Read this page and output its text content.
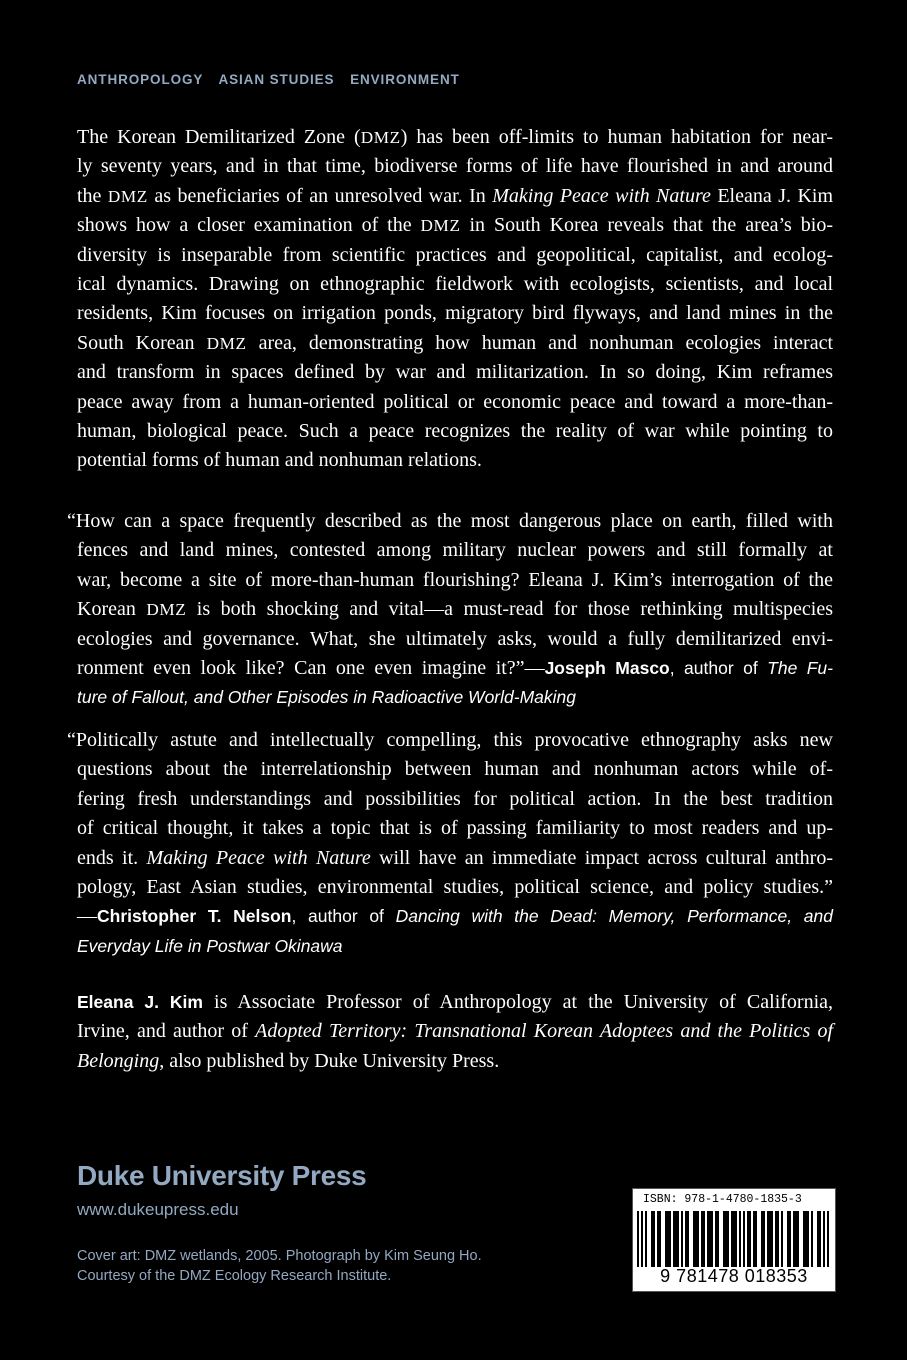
ANTHROPOLOGY ASIAN STUDIES ENVIRONMENT
The Korean Demilitarized Zone (DMZ) has been off-limits to human habitation for near-
ly seventy years, and in that time, biodiverse forms of life have flourished in and around
the DMZ as beneficiaries of an unresolved war. In Making Peace with Nature Eleana J. Kim
shows how a closer examination of the DMZ in South Korea reveals that the area’s bio-
diversity is inseparable from scientific practices and geopolitical, capitalist, and ecolog-
ical dynamics. Drawing on ethnographic fieldwork with ecologists, scientists, and local
residents, Kim focuses on irrigation ponds, migratory bird flyways, and land mines in the
South Korean DMZ area, demonstrating how human and nonhuman ecologies interact
and transform in spaces defined by war and militarization. In so doing, Kim reframes
peace away from a human-oriented political or economic peace and toward a more-than-
human, biological peace. Such a peace recognizes the reality of war while pointing to
potential forms of human and nonhuman relations.
“How can a space frequently described as the most dangerous place on earth, filled with
fences and land mines, contested among military nuclear powers and still formally at
war, become a site of more-than-human flourishing? Eleana J. Kim’s interrogation of the
Korean DMZ is both shocking and vital—a must-read for those rethinking multispecies
ecologies and governance. What, she ultimately asks, would a fully demilitarized envi-
ronment even look like? Can one even imagine it?”—Joseph Masco, author of The Fu-
ture of Fallout, and Other Episodes in Radioactive World-Making
“Politically astute and intellectually compelling, this provocative ethnography asks new
questions about the interrelationship between human and nonhuman actors while of-
fering fresh understandings and possibilities for political action. In the best tradition
of critical thought, it takes a topic that is of passing familiarity to most readers and up-
ends it. Making Peace with Nature will have an immediate impact across cultural anthro-
pology, East Asian studies, environmental studies, political science, and policy studies.”
—Christopher T. Nelson, author of Dancing with the Dead: Memory, Performance, and
Everyday Life in Postwar Okinawa
Eleana J. Kim is Associate Professor of Anthropology at the University of California,
Irvine, and author of Adopted Territory: Transnational Korean Adoptees and the Politics of
Belonging, also published by Duke University Press.
Duke University Press
www.dukeupress.edu
Cover art: DMZ wetlands, 2005. Photograph by Kim Seung Ho.
Courtesy of the DMZ Ecology Research Institute.
ISBN: 978-1-4780-1835-3
9 781478 018353
